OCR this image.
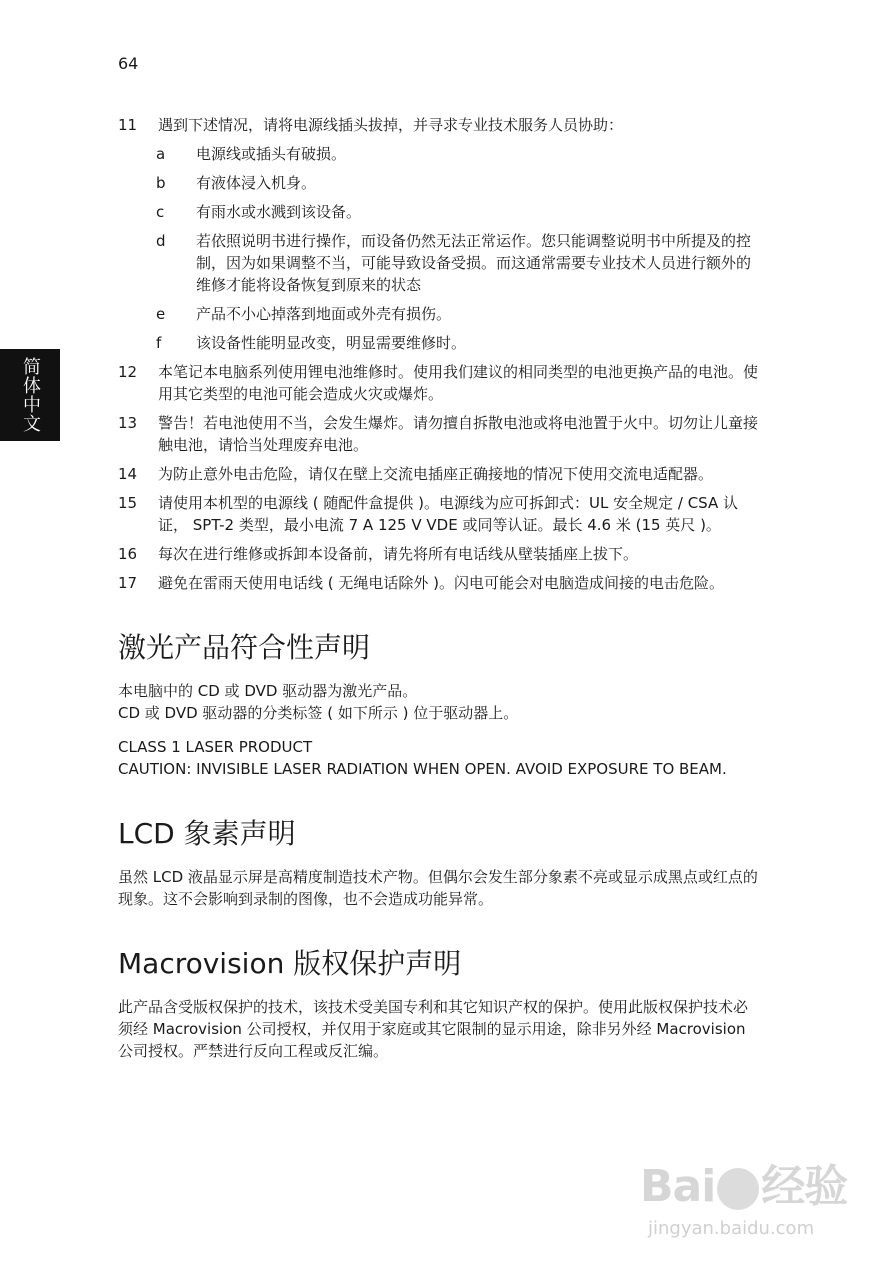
64
简体中文
11	遇到下述情况，请将电源线插头拔掉，并寻求专业技术服务人员协助：
a	电源线或插头有破损。
b	有液体浸入机身。
c	有雨水或水溅到该设备。
d	若依照说明书进行操作，而设备仍然无法正常运作。您只能调整说明书中所提及的控制，因为如果调整不当，可能导致设备受损。而这通常需要专业技术人员进行额外的维修才能将设备恢复到原来的状态
e	产品不小心掉落到地面或外壳有损伤。
f	该设备性能明显改变，明显需要维修时。
12	本笔记本电脑系列使用锂电池维修时。使用我们建议的相同类型的电池更换产品的电池。使用其它类型的电池可能会造成火灾或爆炸。
13	警告！若电池使用不当，会发生爆炸。请勿擅自拆散电池或将电池置于火中。切勿让儿童接触电池，请恰当处理废弃电池。
14	为防止意外电击危险，请仅在壁上交流电插座正确接地的情况下使用交流电适配器。
15	请使用本机型的电源线 ( 随配件盒提供 )。电源线为应可拆卸式：UL 安全规定 / CSA 认证， SPT-2 类型，最小电流 7 A 125 V VDE 或同等认证。最长 4.6 米 (15 英尺 )。
16	每次在进行维修或拆卸本设备前，请先将所有电话线从壁装插座上拔下。
17	避免在雷雨天使用电话线 ( 无绳电话除外 )。闪电可能会对电脑造成间接的电击危险。
激光产品符合性声明

本电脑中的 CD 或 DVD 驱动器为激光产品。

CD 或 DVD 驱动器的分类标签 ( 如下所示 ) 位于驱动器上。

CLASS 1 LASER PRODUCT

CAUTION: INVISIBLE LASER RADIATION WHEN OPEN. AVOID EXPOSURE TO BEAM.

LCD 象素声明

虽然 LCD 液晶显示屏是高精度制造技术产物。但偶尔会发生部分象素不亮或显示成黑点或红点的现象。这不会影响到录制的图像，也不会造成功能异常。

Macrovision 版权保护声明

此产品含受版权保护的技术，该技术受美国专利和其它知识产权的保护。使用此版权保护技术必须经 Macrovision 公司授权，并仅用于家庭或其它限制的显示用途，除非另外经 Macrovision 公司授权。严禁进行反向工程或反汇编。

Bai 经验
jingyan.baidu.com
